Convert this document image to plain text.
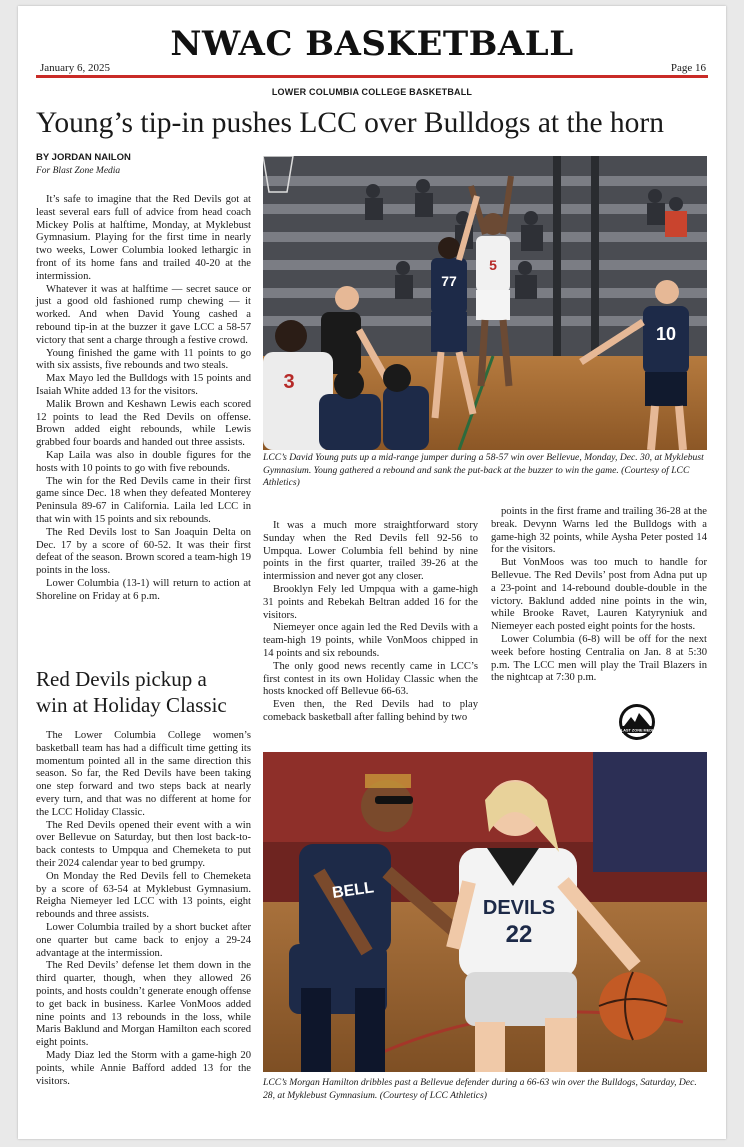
NWAC BASKETBALL
January 6, 2025	Page 16
LOWER COLUMBIA COLLEGE BASKETBALL
Young’s tip-in pushes LCC over Bulldogs at the horn
BY JORDAN NAILON
For Blast Zone Media

It’s safe to imagine that the Red Devils got at least several ears full of advice from head coach Mickey Polis at halftime, Monday, at Myklebust Gymnasium. Playing for the first time in nearly two weeks, Lower Columbia looked lethargic in front of its home fans and trailed 40-20 at the intermission.

Whatever it was at halftime — secret sauce or just a good old fashioned rump chewing — it worked. And when David Young cashed a rebound tip-in at the buzzer it gave LCC a 58-57 victory that sent a charge through a festive crowd.

Young finished the game with 11 points to go with six assists, five rebounds and two steals.

Max Mayo led the Bulldogs with 15 points and Isaiah White added 13 for the visitors.

Malik Brown and Keshawn Lewis each scored 12 points to lead the Red Devils on offense. Brown added eight rebounds, while Lewis grabbed four boards and handed out three assists.

Kap Laila was also in double figures for the hosts with 10 points to go with five rebounds.

The win for the Red Devils came in their first game since Dec. 18 when they defeated Monterey Peninsula 89-67 in California. Laila led LCC in that win with 15 points and six rebounds.

The Red Devils lost to San Joaquin Delta on Dec. 17 by a score of 60-52. It was their first defeat of the season. Brown scored a team-high 19 points in the loss.

Lower Columbia (13-1) will return to action at Shoreline on Friday at 6 p.m.

5
77
10
3
LCC’s David Young puts up a mid-range jumper during a 58-57 win over Bellevue, Monday, Dec. 30, at Myklebust Gymnasium. Young gathered a rebound and sank the put-back at the buzzer to win the game. (Courtesy of LCC Athletics)
Red Devils pickup a
win at Holiday Classic

The Lower Columbia College women’s basketball team has had a difficult time getting its momentum pointed all in the same direction this season. So far, the Red Devils have been taking one step forward and two steps back at nearly every turn, and that was no different at home for the LCC Holiday Classic.

The Red Devils opened their event with a win over Bellevue on Saturday, but then lost back-to-back contests to Umpqua and Chemeketa to put their 2024 calendar year to bed grumpy.

On Monday the Red Devils fell to Chemeketa by a score of 63-54 at Myklebust Gymnasium. Reigha Niemeyer led LCC with 13 points, eight rebounds and three assists.

Lower Columbia trailed by a short bucket after one quarter but came back to enjoy a 29-24 advantage at the intermission.

The Red Devils’ defense let them down in the third quarter, though, when they allowed 26 points, and hosts couldn’t generate enough offense to get back in business. Karlee VonMoos added nine points and 13 rebounds in the loss, while Maris Baklund and Morgan Hamilton each scored eight points.

Mady Diaz led the Storm with a game-high 20 points, while Annie Bafford added 13 for the visitors.

It was a much more straightforward story Sunday when the Red Devils fell 92-56 to Umpqua. Lower Columbia fell behind by nine points in the first quarter, trailed 39-26 at the intermission and never got any closer.

Brooklyn Fely led Umpqua with a game-high 31 points and Rebekah Beltran added 16 for the visitors.

Niemeyer once again led the Red Devils with a team-high 19 points, while VonMoos chipped in 14 points and six rebounds.

The only good news recently came in LCC’s first contest in its own Holiday Classic when the hosts knocked off Bellevue 66-63.

Even then, the Red Devils had to play comeback basketball after falling behind by two

points in the first frame and trailing 36-28 at the break. Devynn Warns led the Bulldogs with a game-high 32 points, while Aysha Peter posted 14 for the visitors.

But VonMoos was too much to handle for Bellevue. The Red Devils’ post from Adna put up a 23-point and 14-rebound double-double in the victory. Baklund added nine points in the win, while Brooke Ravet, Lauren Katyryniuk and Niemeyer each posted eight points for the hosts.

Lower Columbia (6-8) will be off for the next week before hosting Centralia on Jan. 8 at 5:30 p.m. The LCC men will play the Trail Blazers in the nightcap at 7:30 p.m.

BLAST ZONE MEDIA
BELL
DEVILS
22
LCC’s Morgan Hamilton dribbles past a Bellevue defender during a 66-63 win over the Bulldogs, Saturday, Dec. 28, at Myklebust Gymnasium. (Courtesy of LCC Athletics)
